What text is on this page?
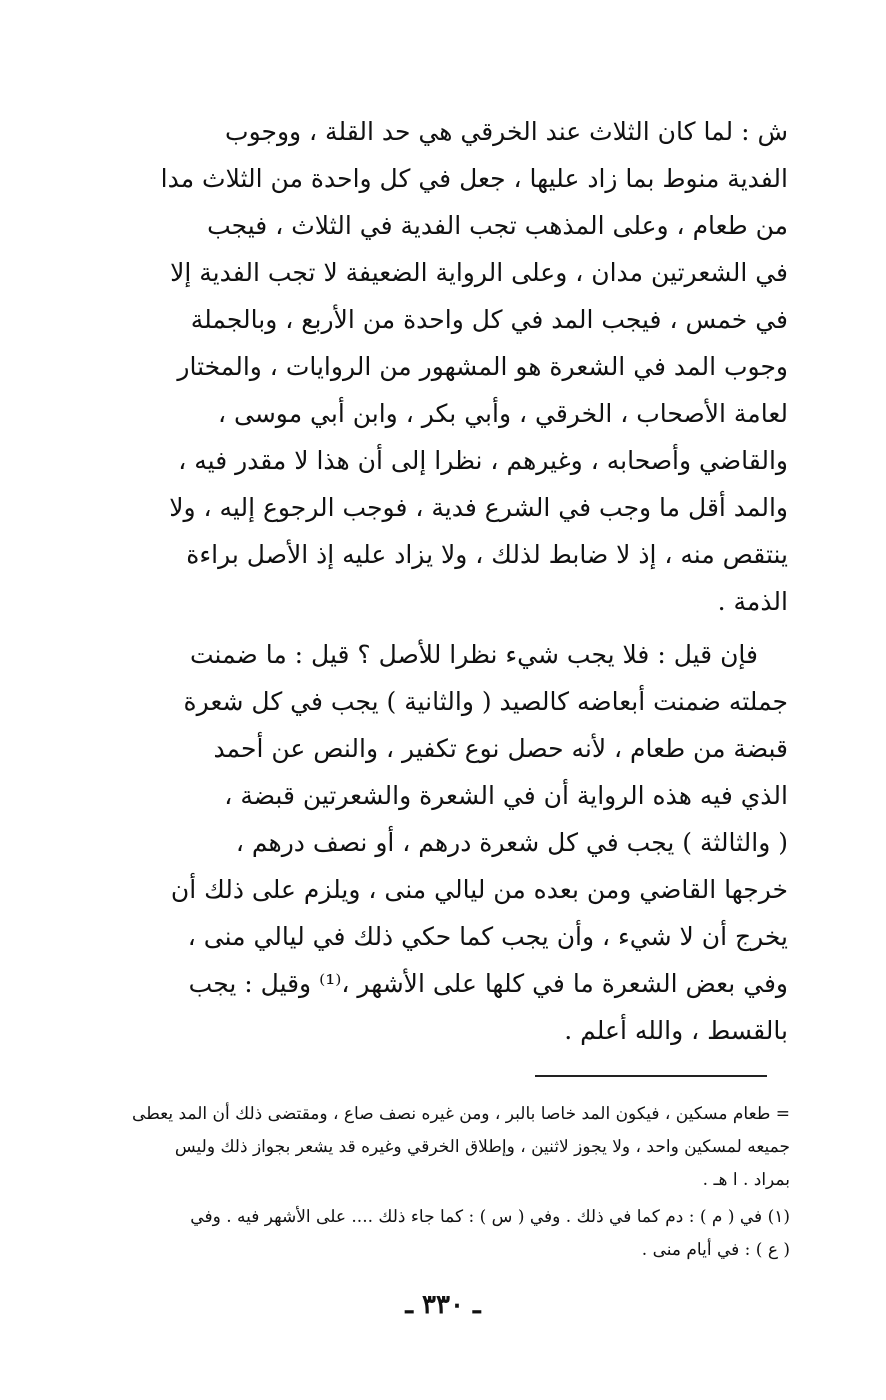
ش : لما كان الثلاث عند الخرقي هي حد القلة ، ووجوب
الفدية منوط بما زاد عليها ، جعل في كل واحدة من الثلاث مدا
من طعام ، وعلى المذهب تجب الفدية في الثلاث ، فيجب
في الشعرتين مدان ، وعلى الرواية الضعيفة لا تجب الفدية إلا
في خمس ، فيجب المد في كل واحدة من الأربع ، وبالجملة
وجوب المد في الشعرة هو المشهور من الروايات ، والمختار
لعامة الأصحاب ، الخرقي ، وأبي بكر ، وابن أبي موسى ،
والقاضي وأصحابه ، وغيرهم ، نظرا إلى أن هذا لا مقدر فيه ،
والمد أقل ما وجب في الشرع فدية ، فوجب الرجوع إليه ، ولا
ينتقص منه ، إذ لا ضابط لذلك ، ولا يزاد عليه إذ الأصل براءة
الذمة .
فإن قيل : فلا يجب شيء نظرا للأصل ؟ قيل : ما ضمنت
جملته ضمنت أبعاضه كالصيد ( والثانية ) يجب في كل شعرة
قبضة من طعام ، لأنه حصل نوع تكفير ، والنص عن أحمد
الذي فيه هذه الرواية أن في الشعرة والشعرتين قبضة ،
( والثالثة ) يجب في كل شعرة درهم ، أو نصف درهم ،
خرجها القاضي ومن بعده من ليالي منى ، ويلزم على ذلك أن
يخرج أن لا شيء ، وأن يجب كما حكي ذلك في ليالي منى ،
وفي بعض الشعرة ما في كلها على الأشهر ،⁽¹⁾ وقيل : يجب
بالقسط ، والله أعلم .
= طعام مسكين ، فيكون المد خاصا بالبر ، ومن غيره نصف صاع ، ومقتضى ذلك أن المد يعطى
جميعه لمسكين واحد ، ولا يجوز لاثنين ، وإطلاق الخرقي وغيره قد يشعر بجواز ذلك وليس
بمراد . ا هـ .
(١) في ( م ) : دم كما في ذلك . وفي ( س ) : كما جاء ذلك .... على الأشهر فيه . وفي
( ع ) : في أيام منى .
ـ ٣٣٠ ـ
